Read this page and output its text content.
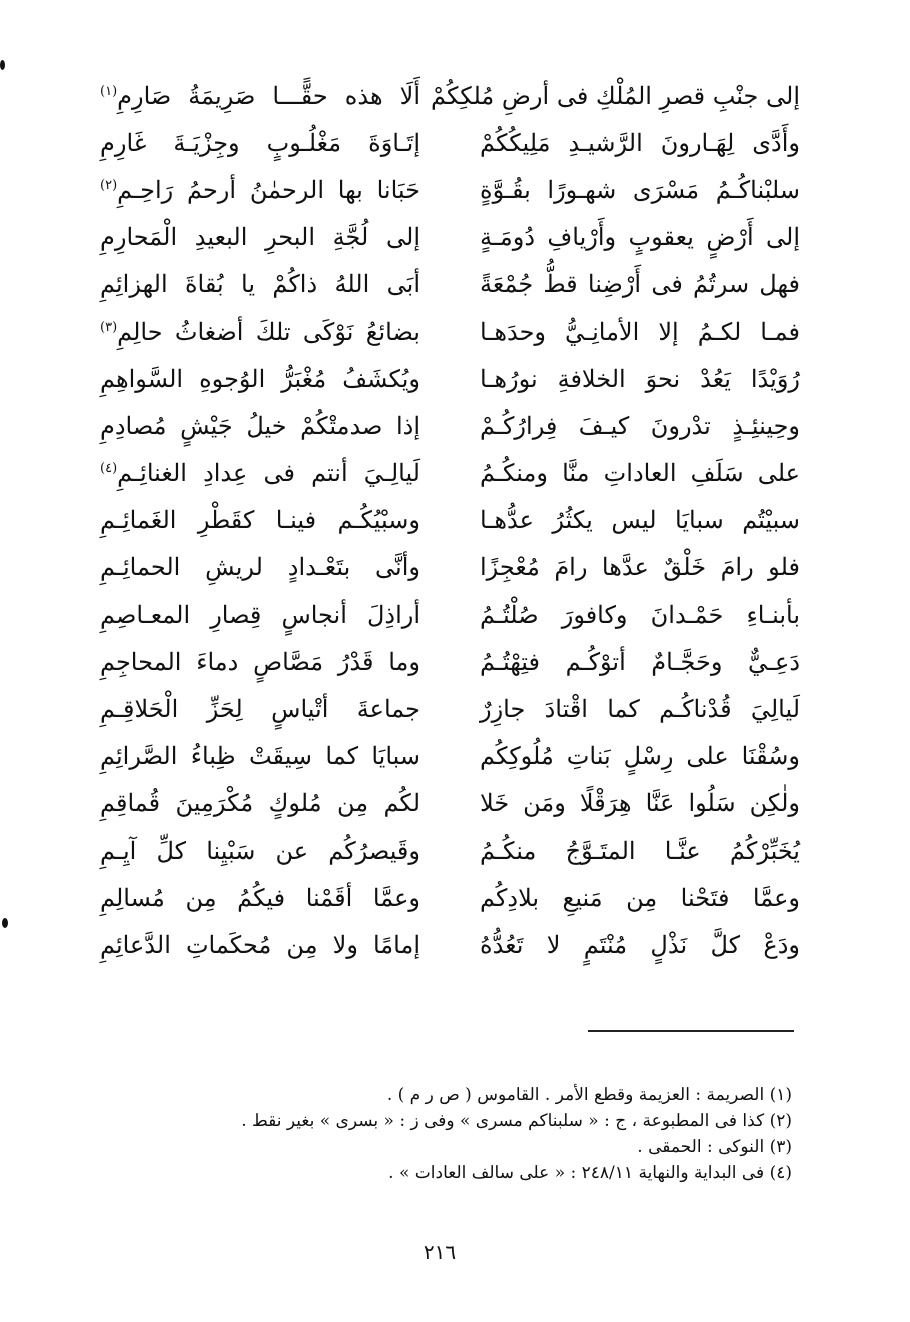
إلى جنْبِ قصرِ المُلْكِ فى أرضِ مُلكِكُمْ
أَلَا هذه حقًّـــا صَرِيمَةُ صَارِمِ$^{(١)}$
وأَدَّى لِهَـارونَ الرَّشيـدِ مَلِيكُكُمْ
إتَـاوَةَ مَغْلُـوبٍ وجِزْيَـةَ غَارِمِ
سلبْناكُـمُ مَسْرَى شهـورًا بقُـوَّةٍ
حَبَانا بها الرحمٰنُ أرحمُ رَاحِـمِ$^{(٢)}$
إلى أَرْضٍ يعقوبٍ وأَرْيافِ دُومَـةٍ
إلى لُجَّةِ البحرِ البعيدِ الْمَحارِمِ
فهل سرتُمُ فى أَرْضِنا قطُّ جُمْعَةً
أبَى اللهُ ذاكُمْ يا بُقاةَ الهزائِمِ
فمـا لكـمُ إلا الأمانِـيُّ وحدَهـا
بضائعُ نَوْكَى تلكَ أضغاثُ حالِمِ$^{(٣)}$
رُوَيْدًا يَعُدْ نحوَ الخلافةِ نورُهـا
ويُكشَفُ مُغْبَرُّ الوُجوهِ السَّواهِمِ
وحِينئِـذٍ تدْرونَ كيـفَ فِرارُكُـمْ
إذا صدمتْكُمْ خيلُ جَيْشٍ مُصادِمِ
على سَلَفِ العاداتِ منَّا ومنكُـمُ
لَيالِـيَ أنتم فى عِدادِ الغنائِـمِ$^{(٤)}$
سبيْتُم سبايَا ليس يكثُرُ عدُّهـا
وسبْيُكُـم فينـا كقَطْرِ الغَمائِـمِ
فلو رامَ خَلْقٌ عدَّها رامَ مُعْجِزًا
وأنَّى بتَعْـدادٍ لريشِ الحمائِـمِ
بأبنـاءِ حَمْـدانَ وكافورَ صُلْتُـمُ
أراذِلَ أنجاسٍ قِصارِ المعـاصِمِ
دَعِـيٌّ وحَجَّـامٌ أتوْكُـم فتِهْتُـمُ
وما قَدْرُ مَصَّاصٍ دماءَ المحاجِمِ
لَيالِيَ قُدْناكُـم كما اقْتادَ جازِرٌ
جماعةَ أتْياسٍ لِحَزِّ الْحَلاقِـمِ
وسُقْنَا على رِسْلٍ بَناتِ مُلُوكِكُم
سبايَا كما سِيقَتْ ظِباءُ الصَّرائِمِ
ولٰكِن سَلُوا عَنَّا هِرَقْلًا ومَن خَلا
لكُم مِن مُلوكٍ مُكْرَمِينَ قُماقِمِ
يُخَبِّرْكُمُ عنَّـا المتَـوَّجُ منكُـمُ
وقَيصرُكُم عن سَبْيِنا كلِّ آيِـمِ
وعمَّا فتَحْنا مِن مَنيعِ بلادِكُم
وعمَّا أقَمْنا فيكُمُ مِن مُسالِمِ
ودَعْ كلَّ نَذْلٍ مُنْتَمٍ لا تَعُدُّهُ
إمامًا ولا مِن مُحكَماتِ الدَّعائِمِ
(١) الصريمة : العزيمة وقطع الأمر . القاموس ( ص ر م ) .
(٢) كذا فى المطبوعة ، ج : « سلبناكم مسرى » وفى ز : « بسرى » بغير نقط .
(٣) النوكى : الحمقى .
(٤) فى البداية والنهاية ٢٤٨/١١ : « على سالف العادات » .
٢١٦
